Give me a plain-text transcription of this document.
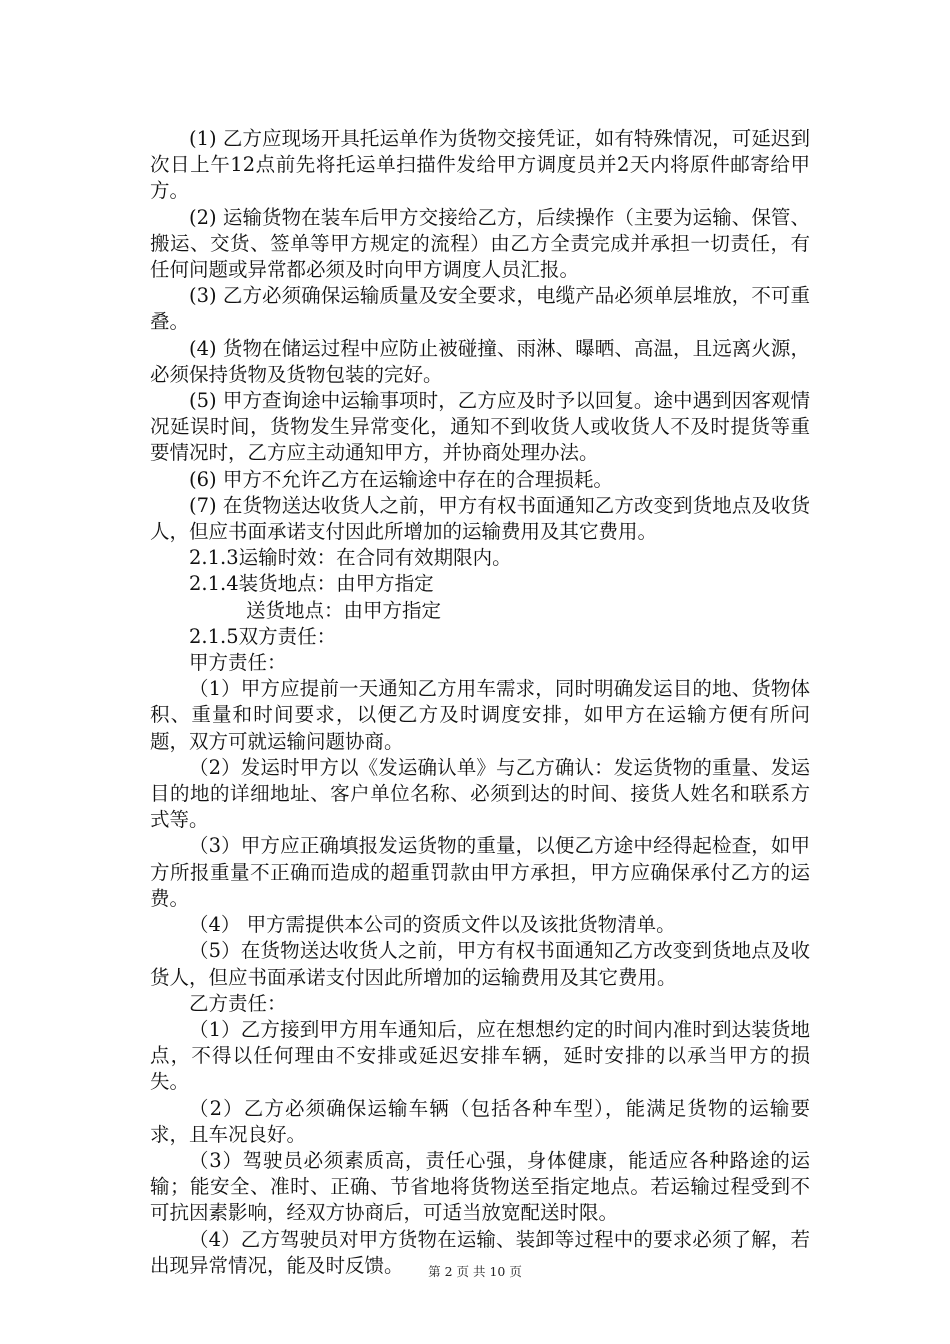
(1) 乙方应现场开具托运单作为货物交接凭证，如有特殊情况，可延迟到次日上午12点前先将托运单扫描件发给甲方调度员并2天内将原件邮寄给甲方。

(2) 运输货物在装车后甲方交接给乙方，后续操作（主要为运输、保管、搬运、交货、签单等甲方规定的流程）由乙方全责完成并承担一切责任，有任何问题或异常都必须及时向甲方调度人员汇报。

(3) 乙方必须确保运输质量及安全要求，电缆产品必须单层堆放，不可重叠。

(4) 货物在储运过程中应防止被碰撞、雨淋、曝晒、高温，且远离火源，必须保持货物及货物包装的完好。

(5) 甲方查询途中运输事项时，乙方应及时予以回复。途中遇到因客观情况延误时间，货物发生异常变化，通知不到收货人或收货人不及时提货等重要情况时，乙方应主动通知甲方，并协商处理办法。

(6) 甲方不允许乙方在运输途中存在的合理损耗。

(7) 在货物送达收货人之前，甲方有权书面通知乙方改变到货地点及收货人，但应书面承诺支付因此所增加的运输费用及其它费用。

2.1.3运输时效：在合同有效期限内。

2.1.4装货地点：由甲方指定

送货地点：由甲方指定

2.1.5双方责任：

甲方责任：

（1）甲方应提前一天通知乙方用车需求，同时明确发运目的地、货物体积、重量和时间要求，以便乙方及时调度安排，如甲方在运输方便有所问题，双方可就运输问题协商。

（2）发运时甲方以《发运确认单》与乙方确认：发运货物的重量、发运目的地的详细地址、客户单位名称、必须到达的时间、接货人姓名和联系方式等。

（3）甲方应正确填报发运货物的重量，以便乙方途中经得起检查，如甲方所报重量不正确而造成的超重罚款由甲方承担，甲方应确保承付乙方的运费。

（4） 甲方需提供本公司的资质文件以及该批货物清单。

（5）在货物送达收货人之前，甲方有权书面通知乙方改变到货地点及收货人，但应书面承诺支付因此所增加的运输费用及其它费用。

乙方责任：

（1）乙方接到甲方用车通知后，应在想想约定的时间内准时到达装货地点，不得以任何理由不安排或延迟安排车辆，延时安排的以承当甲方的损失。

（2）乙方必须确保运输车辆（包括各种车型），能满足货物的运输要求，且车况良好。

（3）驾驶员必须素质高，责任心强，身体健康，能适应各种路途的运输；能安全、准时、正确、节省地将货物送至指定地点。若运输过程受到不可抗因素影响，经双方协商后，可适当放宽配送时限。

（4）乙方驾驶员对甲方货物在运输、装卸等过程中的要求必须了解，若出现异常情况，能及时反馈。	第 2 页 共 10 页
